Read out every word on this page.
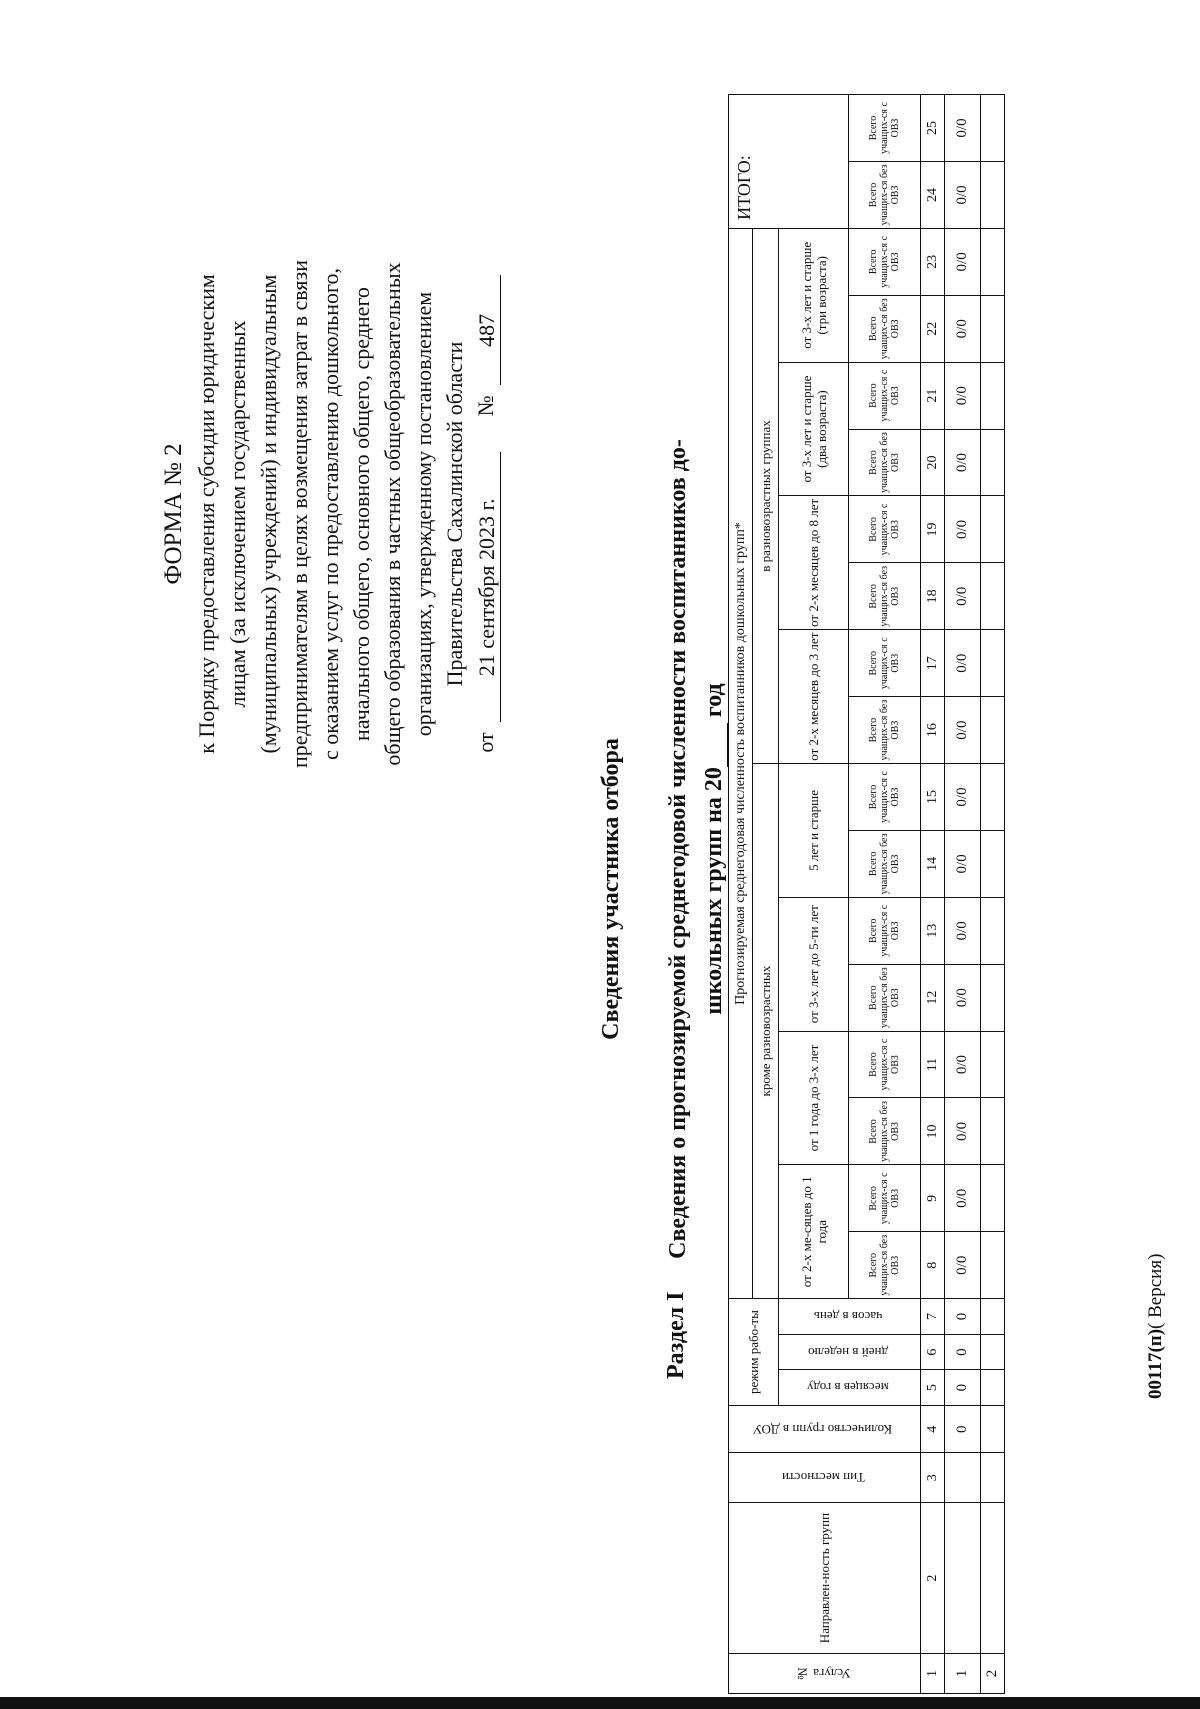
ФОРМА № 2 к Порядку предоставления субсидии юридическим лицам (за исключением государственных (муниципальных) учреждений) и индивидуальным предпринимателям в целях возмещения затрат в связи с оказанием услуг по предоставлению дошкольного, начального общего, основного общего, среднего общего образования в частных общеобразовательных организациях, утвержденному постановлением Правительства Сахалинской области
от
21 сентября 2023 г.
№
487
Сведения участника отбора
Раздел I
Сведения о прогнозируемой среднегодовой численности воспитанников до- школьных групп на 20  год
Услуга №	Направлен-ность групп	Тип местности	Количество групп в ДОУ	режим рабо-ты			Прогнозируемая среднегодовая численность воспитанников дошкольных групп*																ИТОГО:	
							кроме разновозрастных								в разновозрастных группах									
				месяцев в году	дней в неделю	часов в день	от 2-х ме-сяцев до 1 года		от 1 года до 3-х лет		от 3-х лет до 5-ти лет		5 лет и старше		от 2-х месяцев до 3 лет		от 2-х месяцев до 8 лет		от 3-х лет и старше (два возраста)		от 3-х лет и старше (три возраста)			
							Всего учащих-ся без ОВЗ	Всего учащих-ся с ОВЗ	Всего учащих-ся без ОВЗ	Всего учащих-ся с ОВЗ	Всего учащих-ся без ОВЗ	Всего учащих-ся с ОВЗ	Всего учащих-ся без ОВЗ	Всего учащих-ся с ОВЗ	Всего учащих-ся без ОВЗ	Всего учащих-ся с ОВЗ	Всего учащих-ся без ОВЗ	Всего учащих-ся с ОВЗ	Всего учащих-ся без ОВЗ	Всего учащих-ся с ОВЗ	Всего учащих-ся без ОВЗ	Всего учащих-ся с ОВЗ	Всего учащих-ся без ОВЗ	Всего учащих-ся с ОВЗ
1	2	3	4	5	6	7	8	9	10	11	12	13	14	15	16	17	18	19	20	21	22	23	24	25
1			0	0	0	0	0/0	0/0	0/0	0/0	0/0	0/0	0/0	0/0	0/0	0/0	0/0	0/0	0/0	0/0	0/0	0/0	0/0	0/0
2																								
00117(п)( Версия)
